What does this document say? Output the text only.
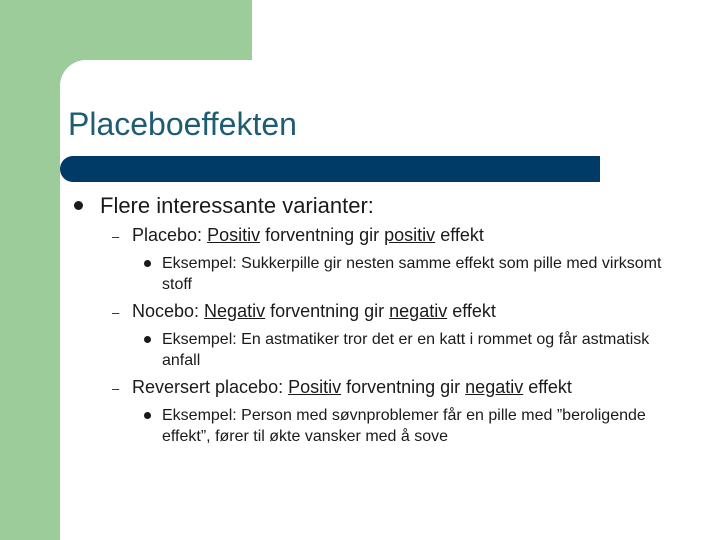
Placeboeffekten
Flere interessante varianter:
– Placebo: Positiv forventning gir positiv effekt
Eksempel: Sukkerpille gir nesten samme effekt som pille med virksomt stoff
– Nocebo: Negativ forventning gir negativ effekt
Eksempel: En astmatiker tror det er en katt i rommet og får astmatisk anfall
– Reversert placebo: Positiv forventning gir negativ effekt
Eksempel: Person med søvnproblemer får en pille med ”beroligende effekt”, fører til økte vansker med å sove
